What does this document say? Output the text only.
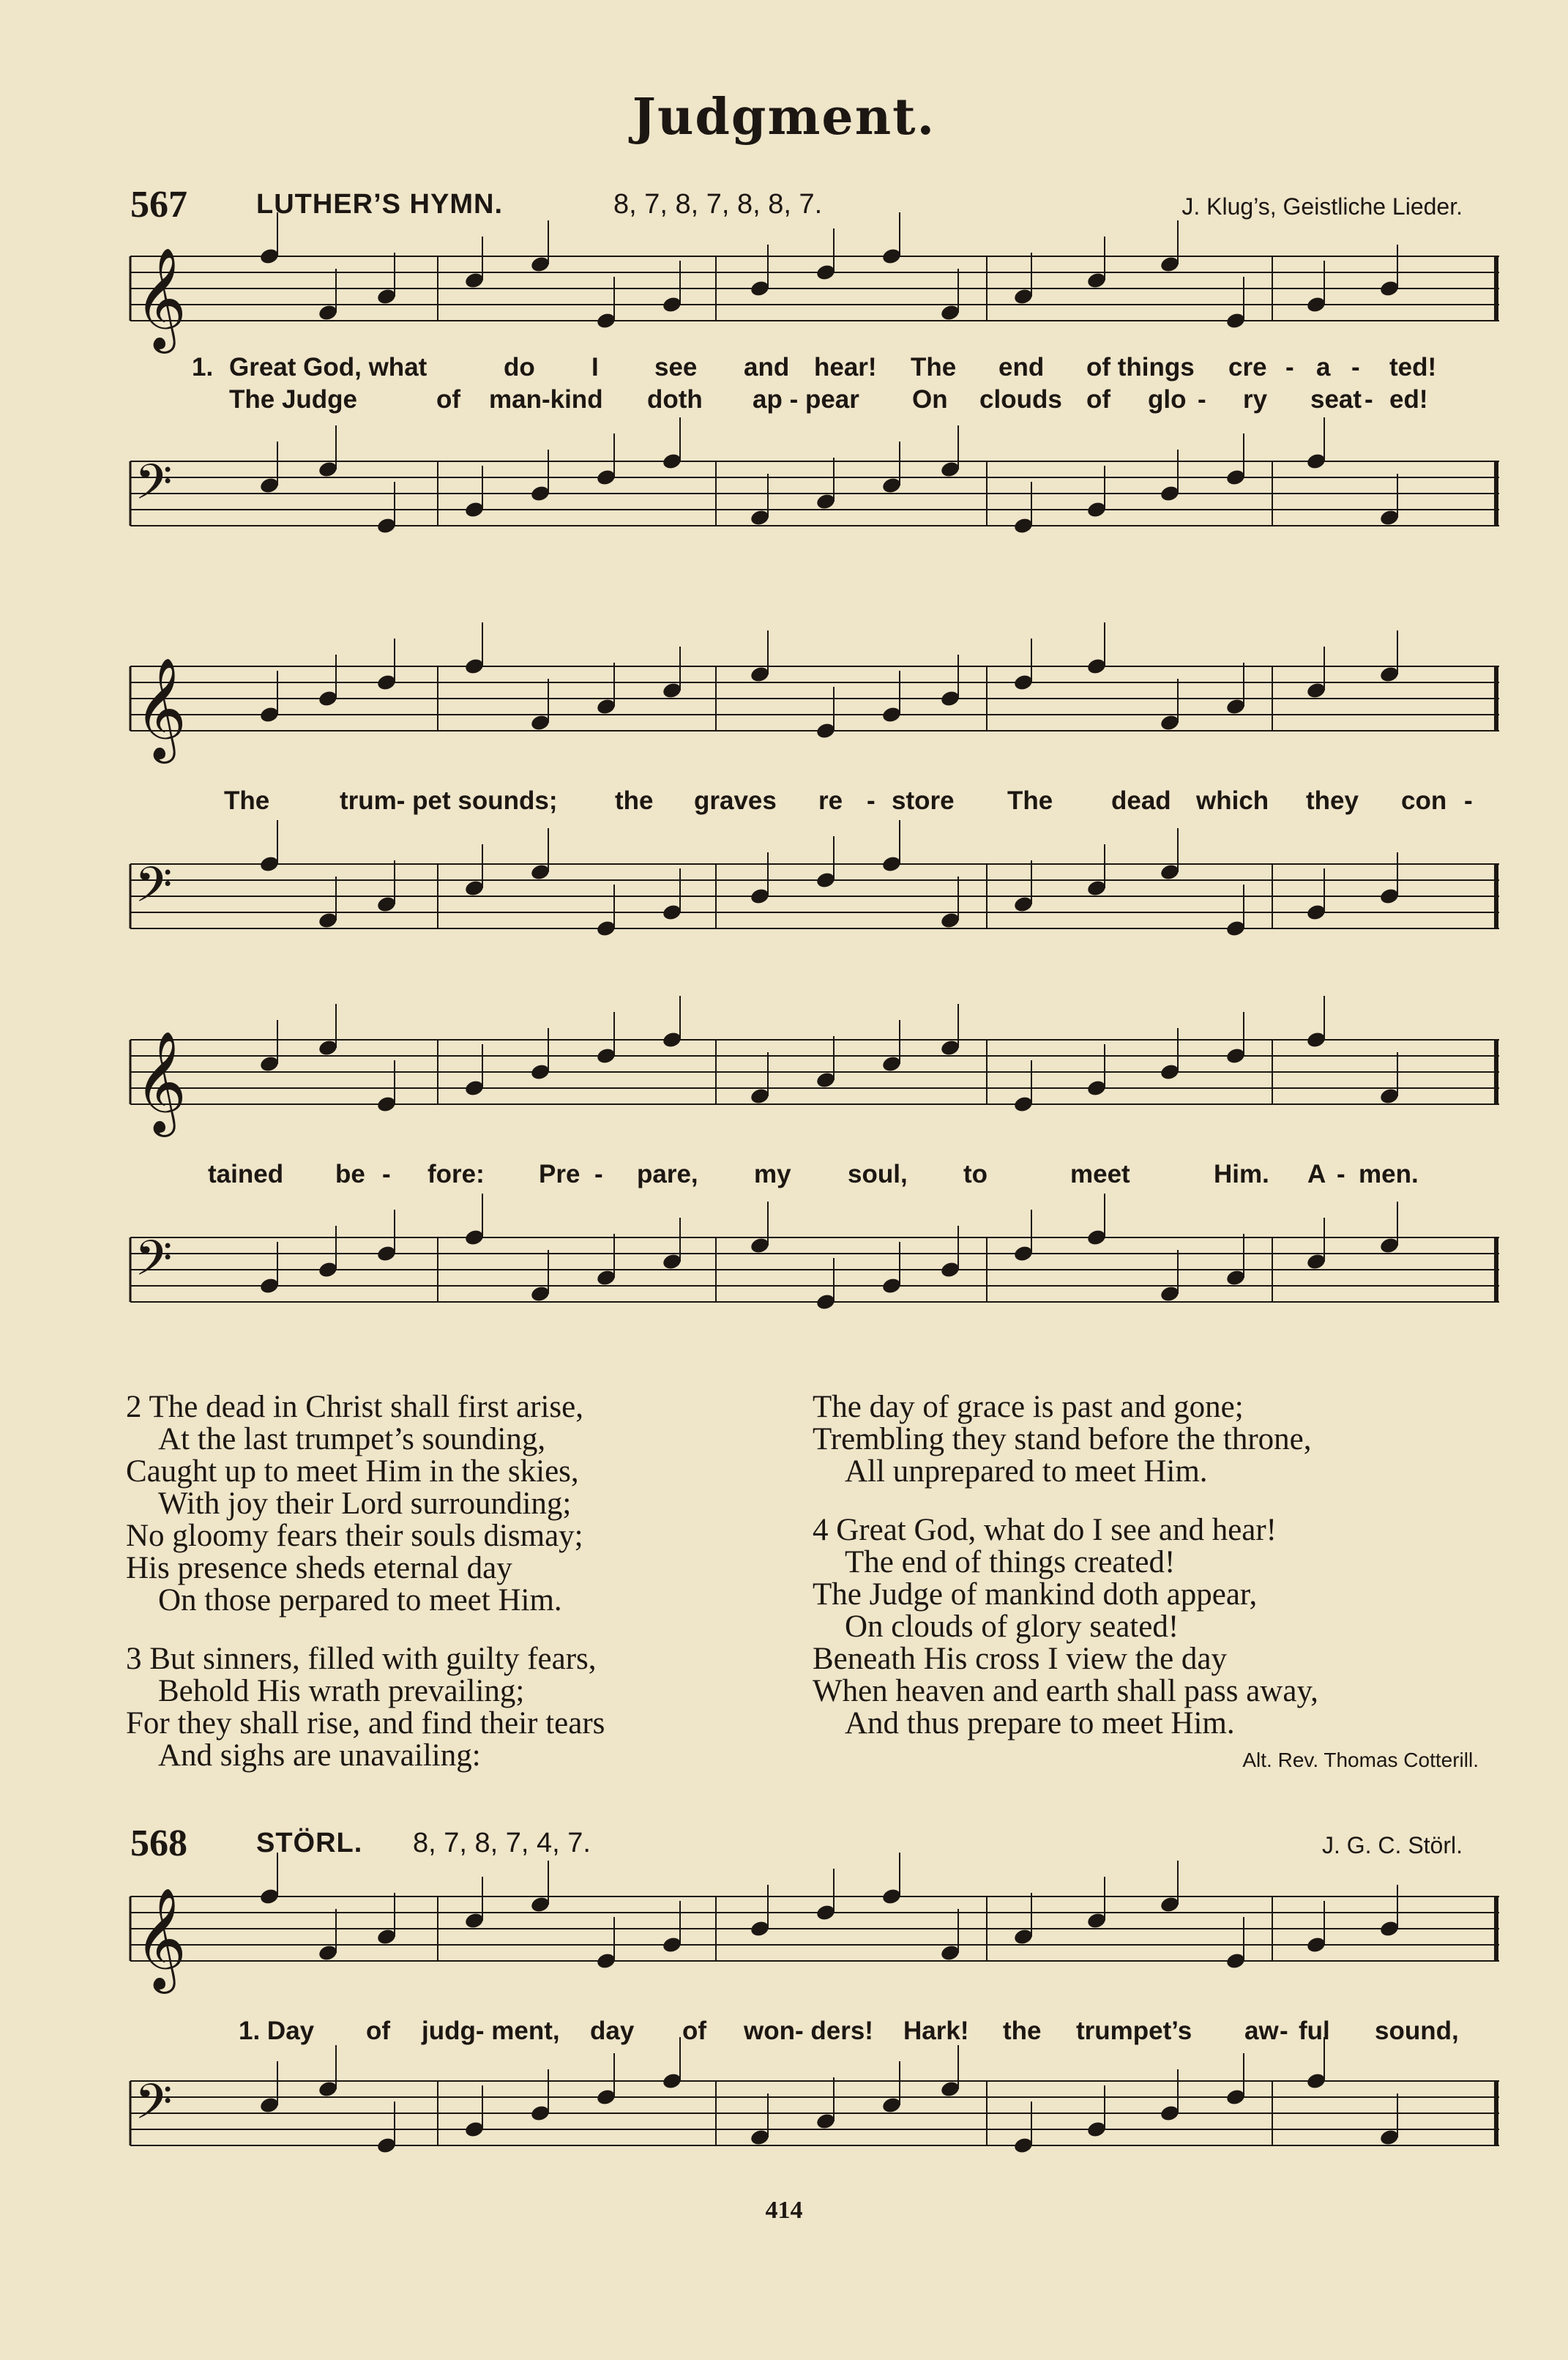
Judgment.
567 LUTHER’S HYMN.	8, 7, 8, 7, 8, 8, 7.	J. Klug’s, Geistliche Lieder.
𝄞
1. Great God, what	do I see and hear! The end of things cre - a - ted!
The Judge	of man-kind doth ap - pear On clouds of glo - ry seat - ed!
𝄢
𝄞
The	trum- pet sounds; the graves re - store The dead which they con -
𝄢
𝄞
tained be - fore: Pre - pare, my soul, to	meet	Him. A - men.
𝄢
2 The dead in Christ shall first arise,
At the last trumpet’s sounding,
Caught up to meet Him in the skies,
With joy their Lord surrounding;
No gloomy fears their souls dismay;
His presence sheds eternal day
On those perpared to meet Him.
3 But sinners, filled with guilty fears,
Behold His wrath prevailing;
For they shall rise, and find their tears
And sighs are unavailing:
The day of grace is past and gone;
Trembling they stand before the throne,
All unprepared to meet Him.
4 Great God, what do I see and hear!
The end of things created!
The Judge of mankind doth appear,
On clouds of glory seated!
Beneath His cross I view the day
When heaven and earth shall pass away,
And thus prepare to meet Him.
Alt. Rev. Thomas Cotterill.
568 STÖRL. 8, 7, 8, 7, 4, 7.	J. G. C. Störl.
𝄞
1. Day of judg- ment, day of won- ders! Hark! the trumpet’s aw - ful sound,
𝄢
414
